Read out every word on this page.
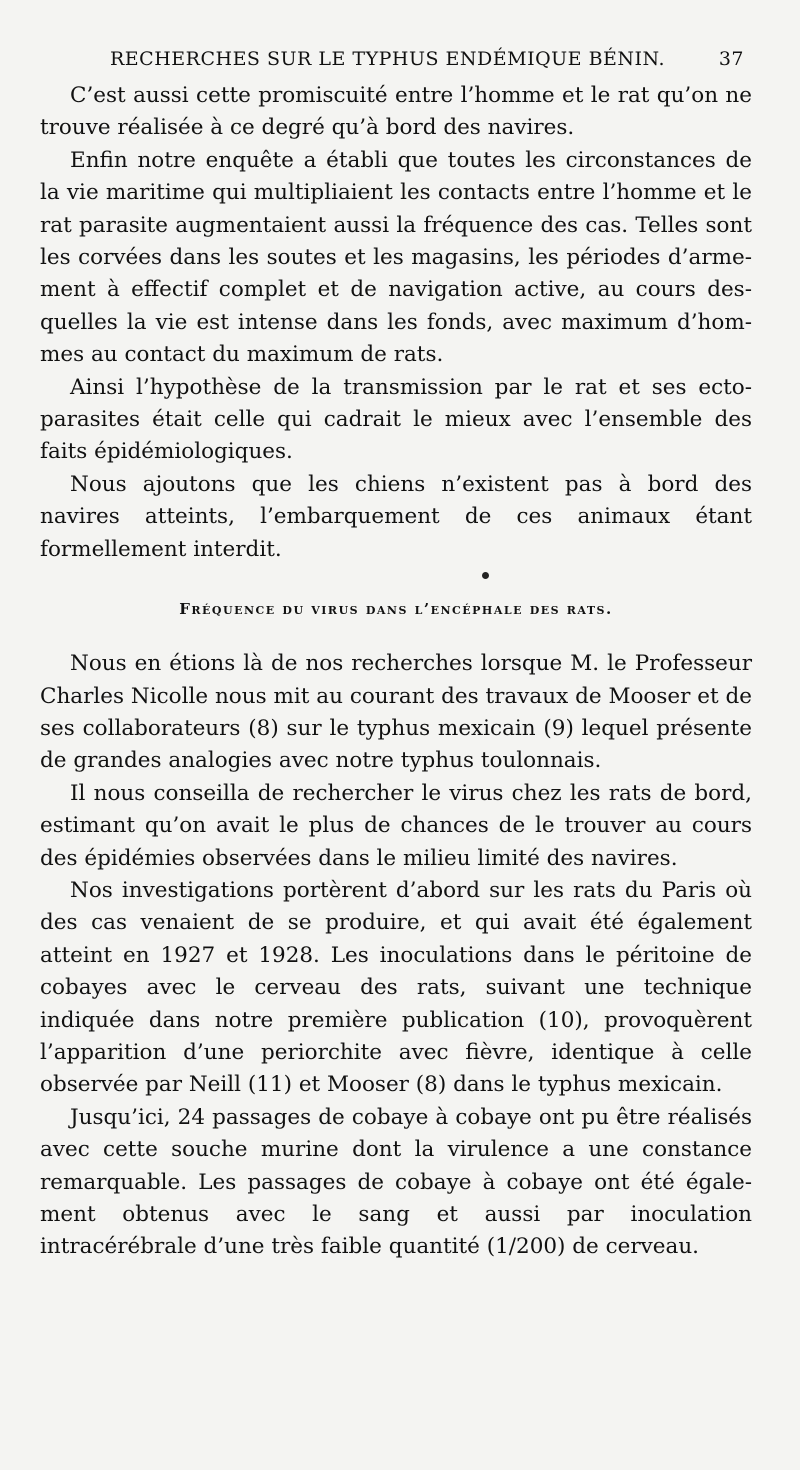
RECHERCHES SUR LE TYPHUS ENDÉMIQUE BÉNIN.	37

C’est aussi cette promiscuité entre l’homme et le rat qu’on ne trouve réalisée à ce degré qu’à bord des navires.

Enfin notre enquête a établi que toutes les circonstances de la vie maritime qui multipliaient les contacts entre l’homme et le rat parasite augmentaient aussi la fréquence des cas. Telles sont les corvées dans les soutes et les magasins, les périodes d’armement à effectif complet et de navigation active, au cours desquelles la vie est intense dans les fonds, avec maximum d’hommes au contact du maximum de rats.

Ainsi l’hypothèse de la transmission par le rat et ses ectoparasites était celle qui cadrait le mieux avec l’ensemble des faits épidémiologiques.

Nous ajoutons que les chiens n’existent pas à bord des navires atteints, l’embarquement de ces animaux étant formellement interdit.

Fréquence du virus dans l’encéphale des rats.

Nous en étions là de nos recherches lorsque M. le Professeur Charles Nicolle nous mit au courant des travaux de Mooser et de ses collaborateurs (8) sur le typhus mexicain (9) lequel présente de grandes analogies avec notre typhus toulonnais.

Il nous conseilla de rechercher le virus chez les rats de bord, estimant qu’on avait le plus de chances de le trouver au cours des épidémies observées dans le milieu limité des navires.

Nos investigations portèrent d’abord sur les rats du Paris où des cas venaient de se produire, et qui avait été également atteint en 1927 et 1928. Les inoculations dans le péritoine de cobayes avec le cerveau des rats, suivant une technique indiquée dans notre première publication (10), provoquèrent l’apparition d’une periorchite avec fièvre, identique à celle observée par Neill (11) et Mooser (8) dans le typhus mexicain.

Jusqu’ici, 24 passages de cobaye à cobaye ont pu être réalisés avec cette souche murine dont la virulence a une constance remarquable. Les passages de cobaye à cobaye ont été également obtenus avec le sang et aussi par inoculation intracérébrale d’une très faible quantité (1/200) de cerveau.
